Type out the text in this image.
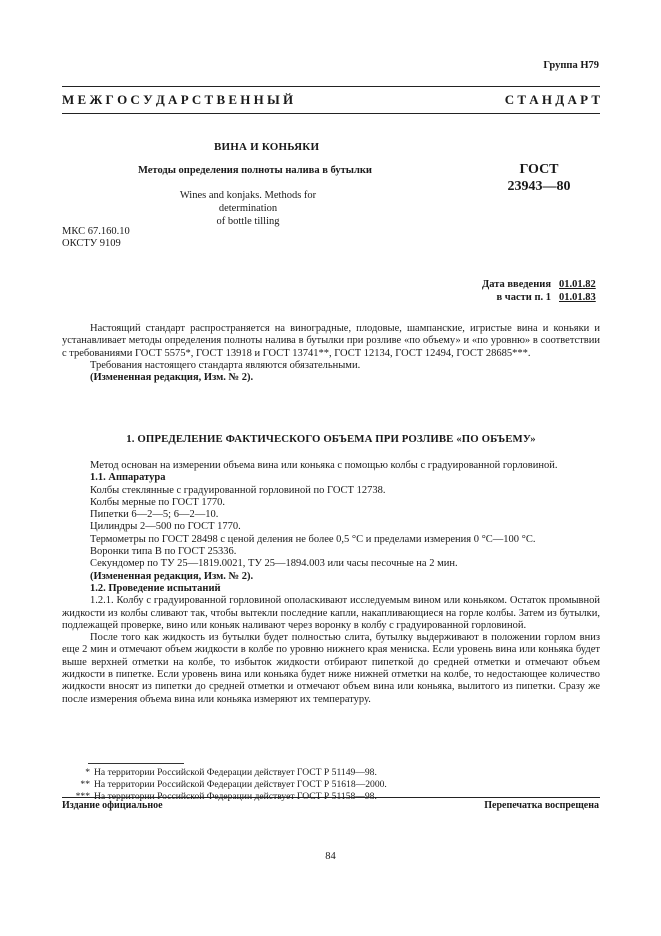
Группа Н79
М Е Ж Г О С У Д А Р С Т В Е Н Н Ы Й	С Т А Н Д А Р Т
ВИНА И КОНЬЯКИ
Методы определения полноты налива в бутылки	ГОСТ
23943—80
Wines and konjaks. Methods for determination
of bottle tilling
МКС 67.160.10
ОКСТУ 9109
Дата введения 01.01.82
в части п. 1 01.01.83

Настоящий стандарт распространяется на виноградные, плодовые, шампанские, игристые вина и коньяки и устанавливает методы определения полноты налива в бутылки при розливе «по объему» и «по уровню» в соответствии с требованиями ГОСТ 5575*, ГОСТ 13918 и ГОСТ 13741**, ГОСТ 12134, ГОСТ 12494, ГОСТ 28685***.

Требования настоящего стандарта являются обязательными.

(Измененная редакция, Изм. № 2).

1. ОПРЕДЕЛЕНИЕ ФАКТИЧЕСКОГО ОБЪЕМА ПРИ РОЗЛИВЕ «ПО ОБЪЕМУ»

Метод основан на измерении объема вина или коньяка с помощью колбы с градуированной горловиной.

1.1. Аппаратура

Колбы стеклянные с градуированной горловиной по ГОСТ 12738.

Колбы мерные по ГОСТ 1770.

Пипетки 6—2—5; 6—2—10.

Цилиндры 2—500 по ГОСТ 1770.

Термометры по ГОСТ 28498 с ценой деления не более 0,5 °С и пределами измерения 0 °С—100 °С.

Воронки типа В по ГОСТ 25336.

Секундомер по ТУ 25—1819.0021, ТУ 25—1894.003 или часы песочные на 2 мин.

(Измененная редакция, Изм. № 2).

1.2. Проведение испытаний

1.2.1. Колбу с градуированной горловиной ополаскивают исследуемым вином или коньяком. Остаток промывной жидкости из колбы сливают так, чтобы вытекли последние капли, накапливающиеся на горле колбы. Затем из бутылки, подлежащей проверке, вино или коньяк наливают через воронку в колбу с градуированной горловиной.

После того как жидкость из бутылки будет полностью слита, бутылку выдерживают в положении горлом вниз еще 2 мин и отмечают объем жидкости в колбе по уровню нижнего края мениска. Если уровень вина или коньяка будет выше верхней отметки на колбе, то избыток жидкости отбирают пипеткой до средней отметки и отмечают объем жидкости в пипетке. Если уровень вина или коньяка будет ниже нижней отметки на колбе, то недостающее количество жидкости вносят из пипетки до средней отметки и отмечают объем вина или коньяка, вылитого из пипетки. Сразу же после измерения объема вина или коньяка измеряют их температуру.

* На территории Российской Федерации действует ГОСТ Р 51149—98.
** На территории Российской Федерации действует ГОСТ Р 51618—2000.
*** На территории Российской Федерации действует ГОСТ Р 51158—98.
Издание официальное	Перепечатка воспрещена
84
